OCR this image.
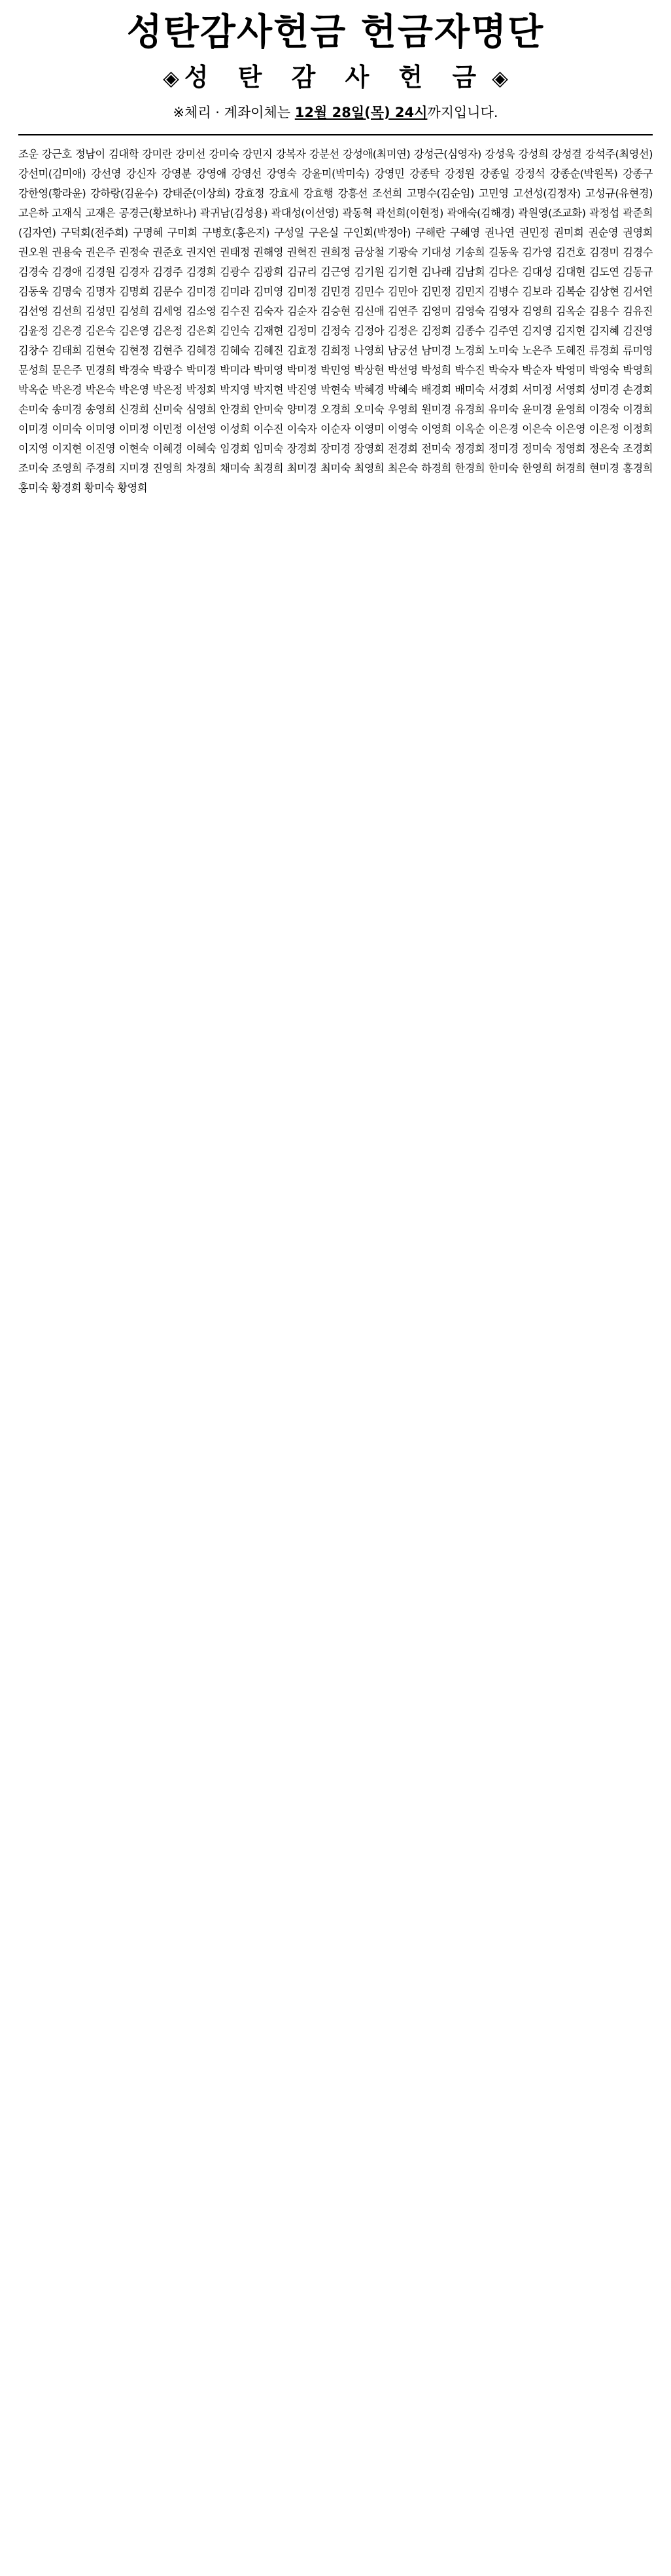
성탄감사헌금 헌금자명단
◈ 성 탄 감 사 헌 금 ◈
※체리 · 계좌이체는 12월 28일(목) 24시까지입니다.

조운 강근호 정남이 김대학 강미란 강미선 강미숙 강민지 강복자 강분선 강성애(최미연) 강성근(심영자) 강성욱 강성희 강성결 강석주(최영선) 강선미(김미애) 강선영 강신자 강영분 강영애 강영선 강영숙 강윤미(박미숙) 강영민 강종탁 강정원 강종일 강정석 강종순(박원목) 강종구 강한영(황라윤) 강하랑(김윤수) 강태준(이상희) 강효정 강효세 강효행 강흥선 조선희 고명수(김순임) 고민영 고선성(김정자) 고성규(유현경) 고은하 고재식 고재은 공경근(황보하나) 곽귀남(김성용) 곽대성(이선영) 곽동혁 곽선희(이현정) 곽애숙(김해경) 곽원영(조교화) 곽정섭 곽준희(김자연) 구덕회(전주희) 구명혜 구미희 구병호(홍은지) 구성일 구은실 구인회(박정아) 구해란 구혜영 권나연 권민정 권미희 권순영 권영희 권오원 권용숙 권은주 권정숙 권준호 권지연 권태정 권해영 권혁진 권희정 금상철 기광숙 기대성 기송희 길동욱 김가영 김건호 김경미 김경수 김경숙 김경애 김경원 김경자 김경주 김경희 김광수 김광희 김규리 김근영 김기원 김기현 김나래 김남희 김다은 김대성 김대현 김도연 김동규 김동욱 김명숙 김명자 김명희 김문수 김미경 김미라 김미영 김미정 김민경 김민수 김민아 김민정 김민지 김병수 김보라 김복순 김상현 김서연 김선영 김선희 김성민 김성희 김세영 김소영 김수진 김숙자 김순자 김승현 김신애 김연주 김영미 김영숙 김영자 김영희 김옥순 김용수 김유진 김윤정 김은경 김은숙 김은영 김은정 김은희 김인숙 김재현 김정미 김정숙 김정아 김정은 김정희 김종수 김주연 김지영 김지현 김지혜 김진영 김창수 김태희 김현숙 김현정 김현주 김혜경 김혜숙 김혜진 김효정 김희정 나영희 남궁선 남미경 노경희 노미숙 노은주 도혜진 류경희 류미영 문성희 문은주 민경희 박경숙 박광수 박미경 박미라 박미영 박미정 박민영 박상현 박선영 박성희 박수진 박숙자 박순자 박영미 박영숙 박영희 박옥순 박은경 박은숙 박은영 박은정 박정희 박지영 박지현 박진영 박현숙 박혜경 박혜숙 배경희 배미숙 서경희 서미정 서영희 성미경 손경희 손미숙 송미경 송영희 신경희 신미숙 심영희 안경희 안미숙 양미경 오경희 오미숙 우영희 원미경 유경희 유미숙 윤미경 윤영희 이경숙 이경희 이미경 이미숙 이미영 이미정 이민정 이선영 이성희 이수진 이숙자 이순자 이영미 이영숙 이영희 이옥순 이은경 이은숙 이은영 이은정 이정희 이지영 이지현 이진영 이현숙 이혜경 이혜숙 임경희 임미숙 장경희 장미경 장영희 전경희 전미숙 정경희 정미경 정미숙 정영희 정은숙 조경희 조미숙 조영희 주경희 지미경 진영희 차경희 채미숙 최경희 최미경 최미숙 최영희 최은숙 하경희 한경희 한미숙 한영희 허경희 현미경 홍경희 홍미숙 황경희 황미숙 황영희
